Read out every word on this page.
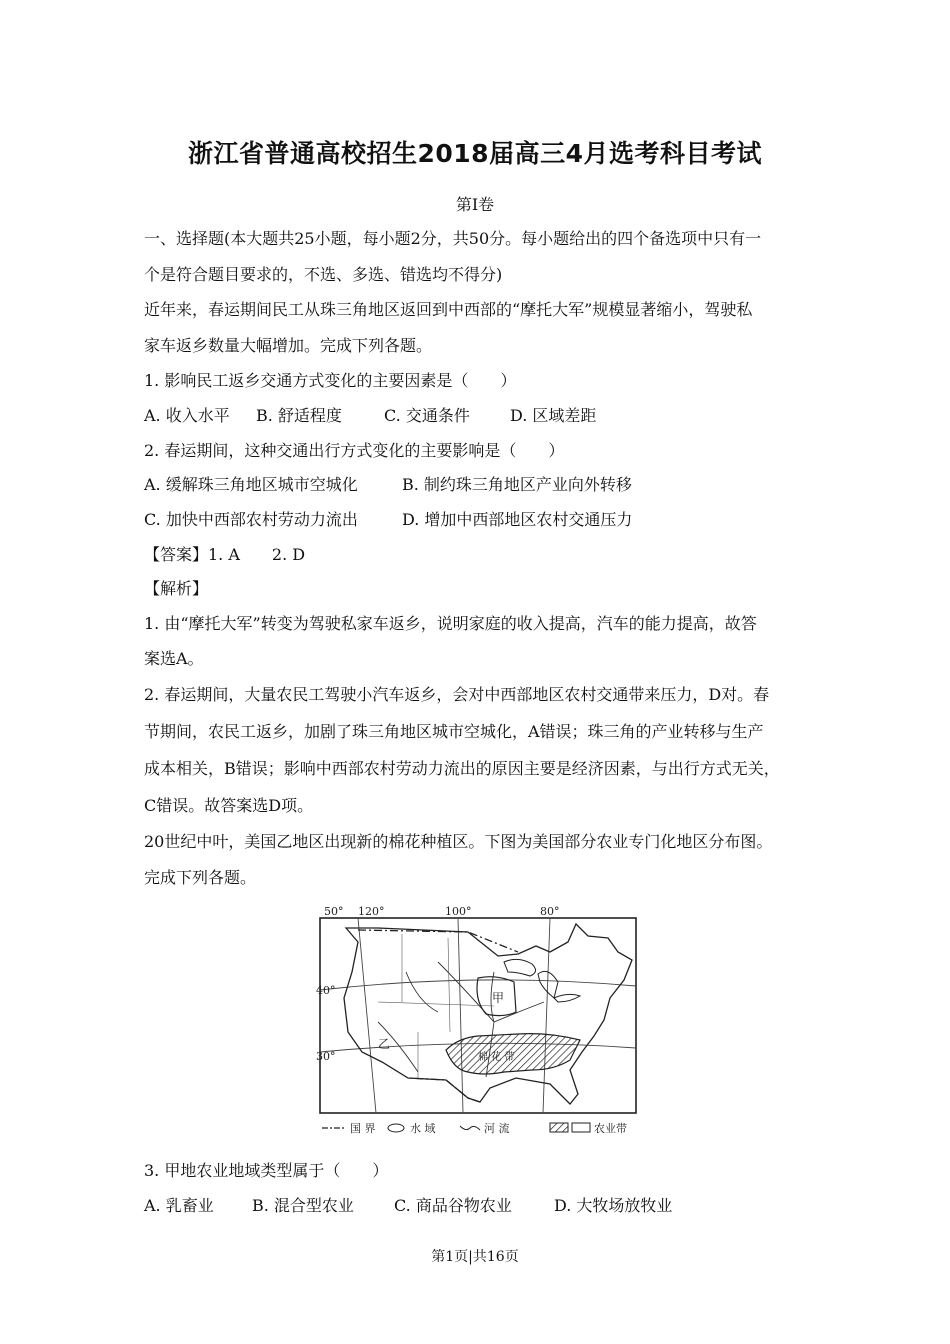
浙江省普通高校招生2018届高三4月选考科目考试
第Ⅰ卷
一、选择题(本大题共25小题，每小题2分，共50分。每小题给出的四个备选项中只有一
个是符合题目要求的，不选、多选、错选均不得分)
近年来，春运期间民工从珠三角地区返回到中西部的“摩托大军”规模显著缩小，驾驶私
家车返乡数量大幅增加。完成下列各题。
1. 影响民工返乡交通方式变化的主要因素是（　　）
A. 收入水平 B. 舒适程度	C. 交通条件	D. 区域差距
2. 春运期间，这种交通出行方式变化的主要影响是（　　）
A. 缓解珠三角地区城市空城化	B. 制约珠三角地区产业向外转移
C. 加快中西部农村劳动力流出	D. 增加中西部地区农村交通压力
【答案】1. A　　2. D
【解析】
1. 由“摩托大军”转变为驾驶私家车返乡，说明家庭的收入提高，汽车的能力提高，故答
案选A。
2. 春运期间，大量农民工驾驶小汽车返乡，会对中西部地区农村交通带来压力，D对。春
节期间，农民工返乡，加剧了珠三角地区城市空城化，A错误；珠三角的产业转移与生产
成本相关，B错误；影响中西部农村劳动力流出的原因主要是经济因素，与出行方式无关，
C错误。故答案选D项。
20世纪中叶，美国乙地区出现新的棉花种植区。下图为美国部分农业专门化地区分布图。
完成下列各题。
50° 120°	100°	80°
40°
30°
甲
乙
棉 花 带
国 界	水 域	河 流	农业带
3. 甲地农业地域类型属于（　　）
A. 乳畜业 B. 混合型农业	C. 商品谷物农业	D. 大牧场放牧业
第1页|共16页
